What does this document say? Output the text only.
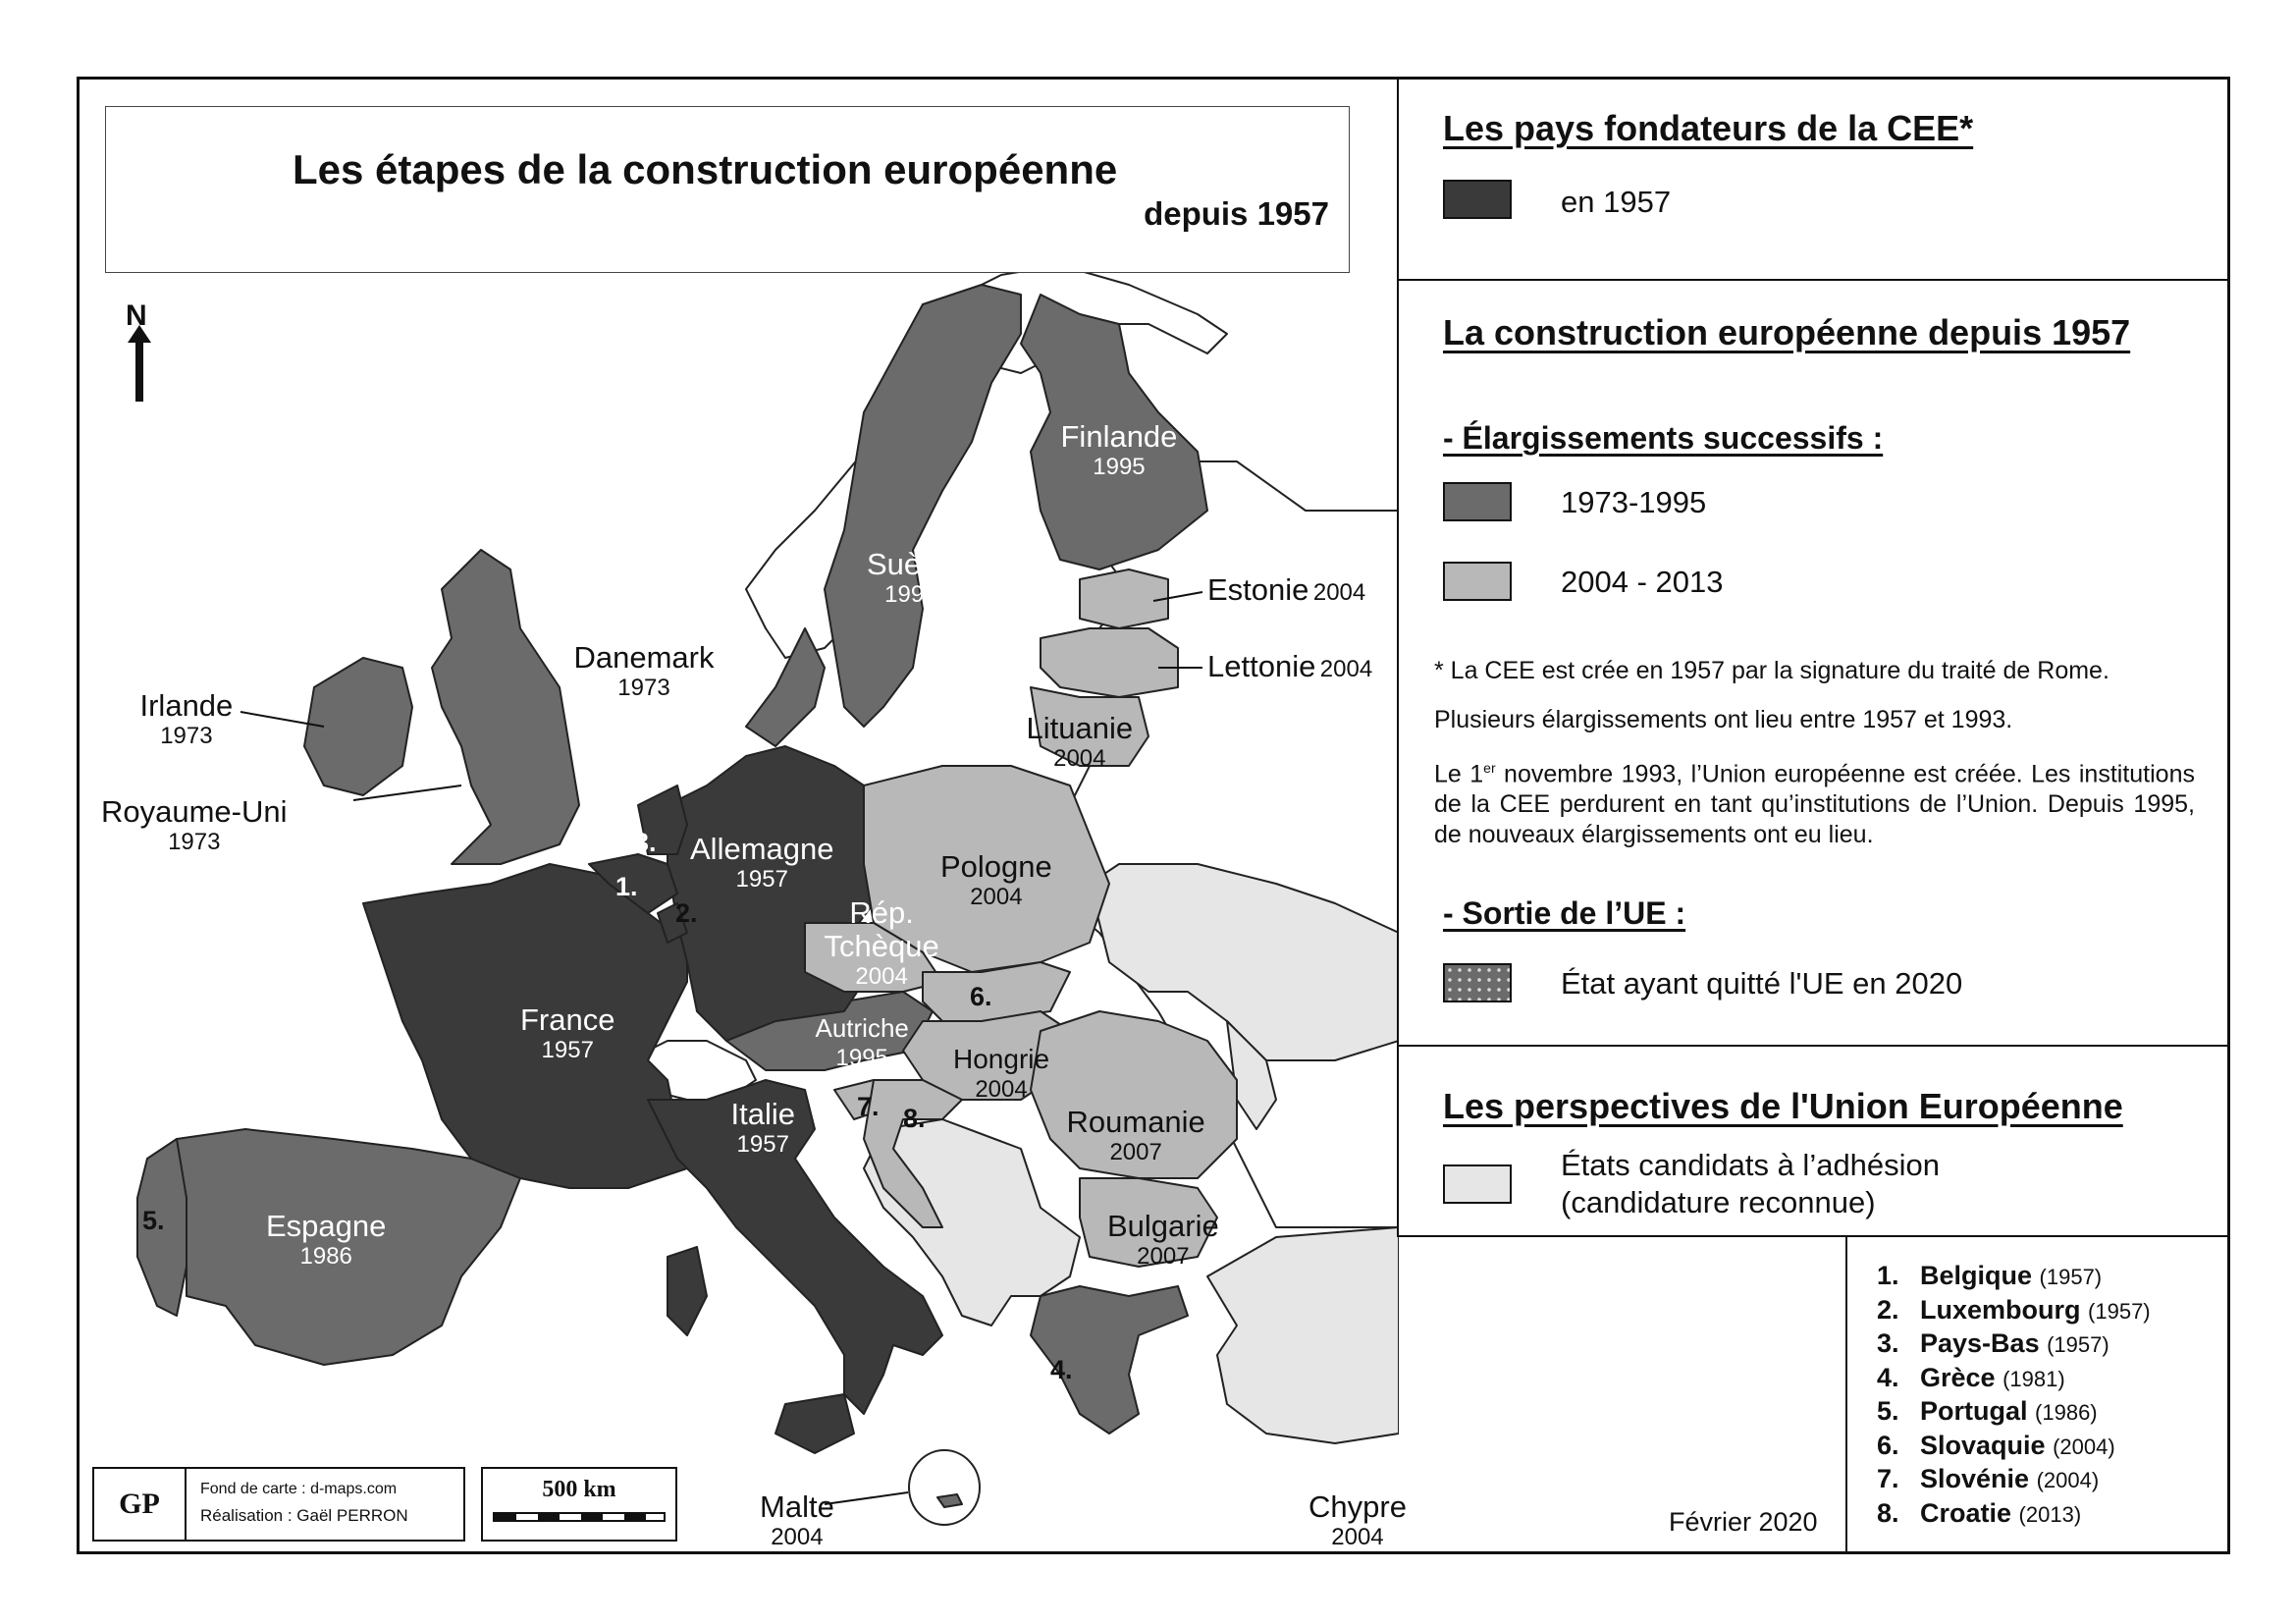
Les étapes de la construction européenne
depuis 1957
N
Finlande
1995
Suède
1995	Estonie 2004
Lettonie 2004
Lituanie
2004
Danemark
1973
Irlande
1973
Royaume-Uni
1973	Allemagne
1957	Pologne
2004
Rép.
Tchèque
2004
France
1957
Autriche
1995	Hongrie
2004
Roumanie
2007
Italie
1957
Bulgarie
2007
Espagne
1986
Malte
2004
Chypre
2004
1.
2.
3.
4.
5.
6.
7. 8.
GP	Fond de carte : d-maps.com
Réalisation : Gaël PERRON
500 km
Les pays fondateurs de la CEE*
en 1957
La construction européenne depuis 1957
- Élargissements successifs :
1973-1995
2004 - 2013
* La CEE est crée en 1957 par la signature du traité de Rome.
Plusieurs élargissements ont lieu entre 1957 et 1993.
Le 1er novembre 1993, l’Union européenne est créée. Les institutions de la CEE perdurent en tant qu’institutions de l’Union. Depuis 1995, de nouveaux élargissements ont eu lieu.
- Sortie de l’UE :
État ayant quitté l'UE en 2020
Les perspectives de l'Union Européenne
États candidats à l’adhésion
(candidature reconnue)
1. Belgique (1957)
2. Luxembourg (1957)
3. Pays-Bas (1957)
4. Grèce (1981)
5. Portugal (1986)
6. Slovaquie (2004)
7. Slovénie (2004)
8. Croatie (2013)
Février 2020
